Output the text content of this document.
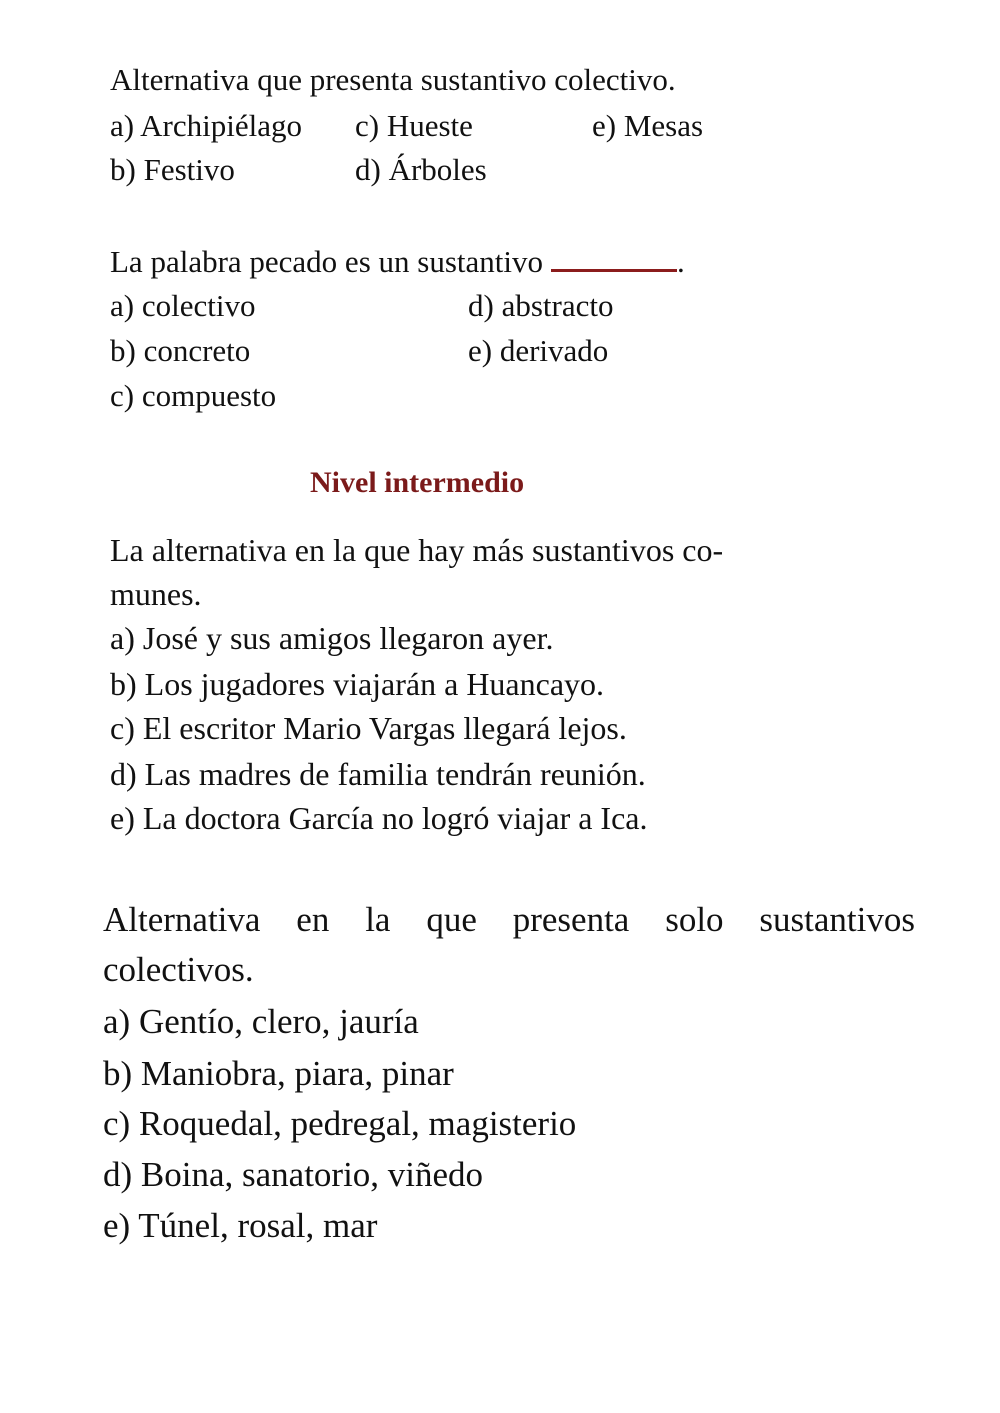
Alternativa que presenta sustantivo colectivo.
a) Archipiélago c) Hueste	e) Mesas
b) Festivo	d) Árboles
La palabra pecado es un sustantivo	.
a) colectivo	d) abstracto
b) concreto	e) derivado
c) compuesto
Nivel intermedio
La alternativa en la que hay más sustantivos co-
munes.
a) José y sus amigos llegaron ayer.
b) Los jugadores viajarán a Huancayo.
c) El escritor Mario Vargas llegará lejos.
d) Las madres de familia tendrán reunión.
e) La doctora García no logró viajar a Ica.
Alternativa en la que presenta solo sustantivos
colectivos.
a) Gentío, clero, jauría
b) Maniobra, piara, pinar
c) Roquedal, pedregal, magisterio
d) Boina, sanatorio, viñedo
e) Túnel, rosal, mar
